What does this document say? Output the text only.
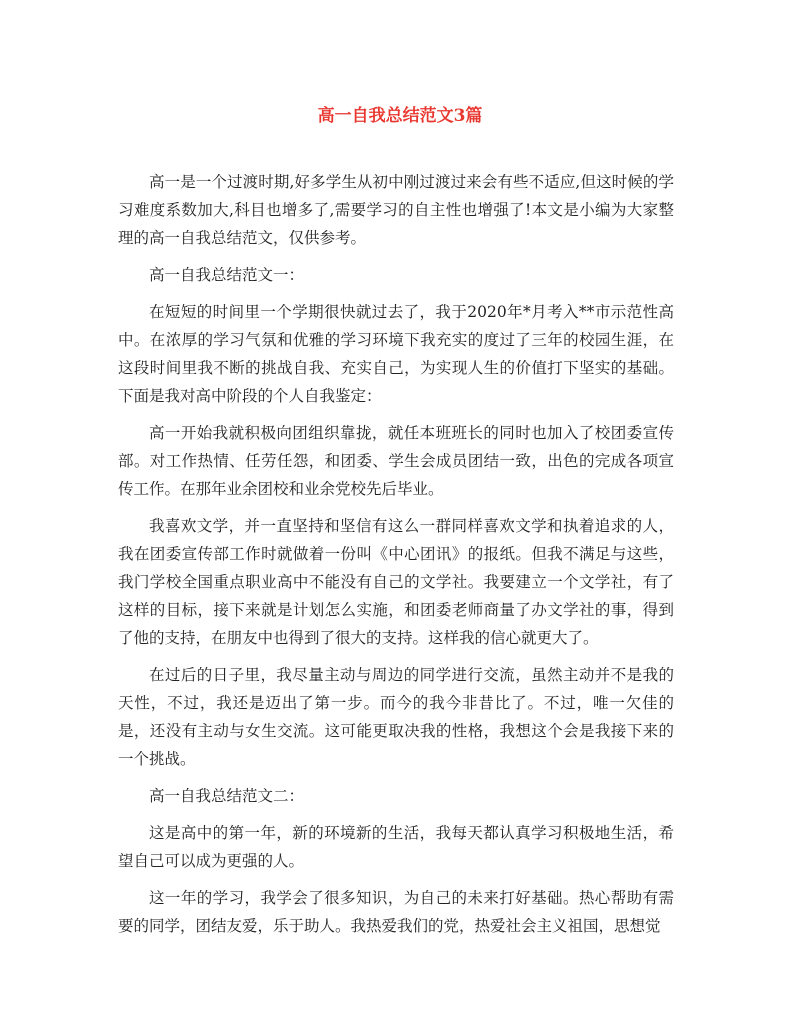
高一自我总结范文3篇

高一是一个过渡时期,好多学生从初中刚过渡过来会有些不适应,但这时候的学习难度系数加大,科目也增多了,需要学习的自主性也增强了!本文是小编为大家整理的高一自我总结范文，仅供参考。

高一自我总结范文一：

在短短的时间里一个学期很快就过去了，我于2020年*月考入**市示范性高中。在浓厚的学习气氛和优雅的学习环境下我充实的度过了三年的校园生涯，在这段时间里我不断的挑战自我、充实自己，为实现人生的价值打下坚实的基础。下面是我对高中阶段的个人自我鉴定：

高一开始我就积极向团组织靠拢，就任本班班长的同时也加入了校团委宣传部。对工作热情、任劳任怨，和团委、学生会成员团结一致，出色的完成各项宣传工作。在那年业余团校和业余党校先后毕业。

我喜欢文学，并一直坚持和坚信有这么一群同样喜欢文学和执着追求的人，我在团委宣传部工作时就做着一份叫《中心团讯》的报纸。但我不满足与这些，我门学校全国重点职业高中不能没有自己的文学社。我要建立一个文学社，有了这样的目标，接下来就是计划怎么实施，和团委老师商量了办文学社的事，得到了他的支持，在朋友中也得到了很大的支持。这样我的信心就更大了。

在过后的日子里，我尽量主动与周边的同学进行交流，虽然主动并不是我的天性，不过，我还是迈出了第一步。而今的我今非昔比了。不过，唯一欠佳的是，还没有主动与女生交流。这可能更取决我的性格，我想这个会是我接下来的一个挑战。

高一自我总结范文二：

这是高中的第一年，新的环境新的生活，我每天都认真学习积极地生活，希望自己可以成为更强的人。

这一年的学习，我学会了很多知识，为自己的未来打好基础。热心帮助有需要的同学，团结友爱，乐于助人。我热爱我们的党，热爱社会主义祖国，思想觉
